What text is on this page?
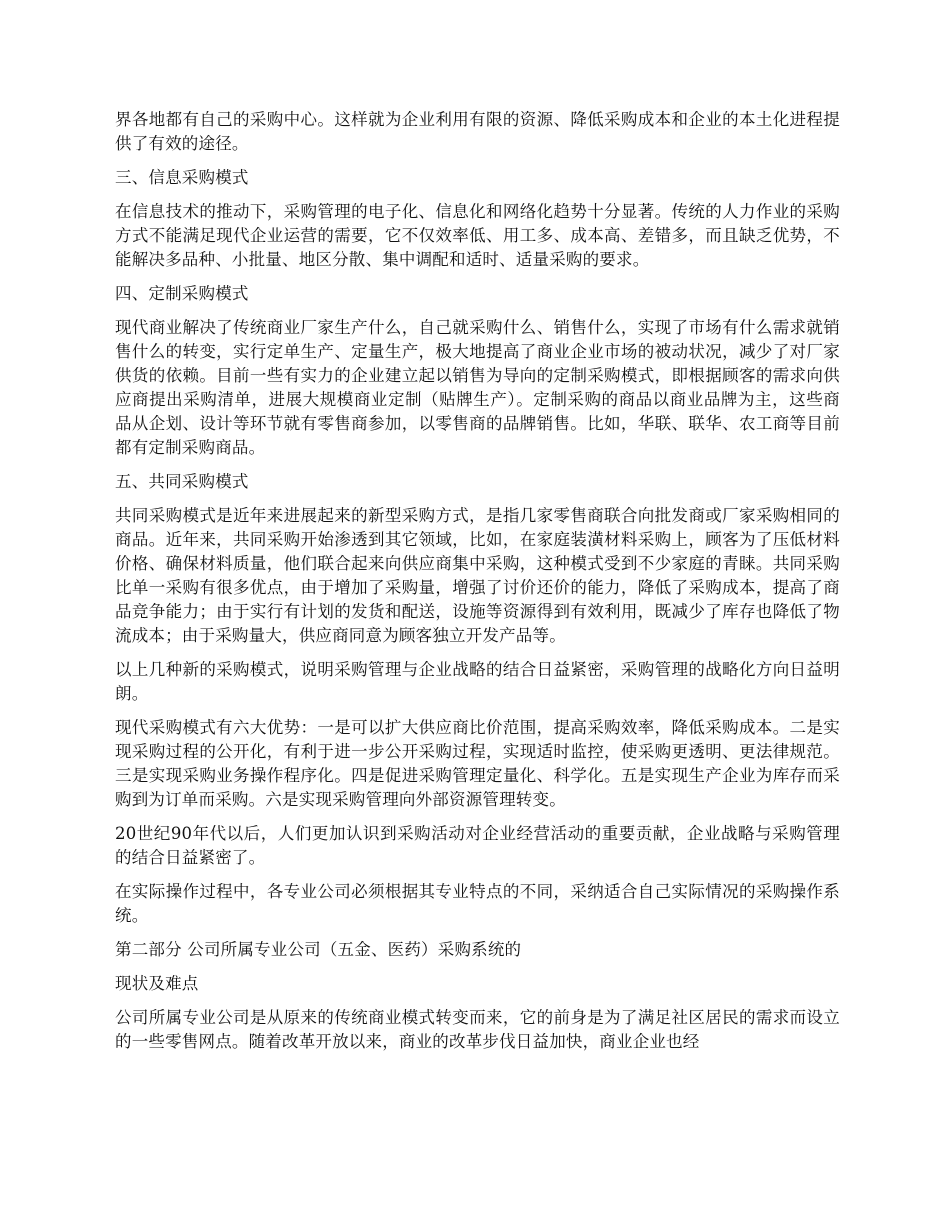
界各地都有自己的采购中心。这样就为企业利用有限的资源、降低采购成本和企业的本土化进程提供了有效的途径。

三、信息采购模式

在信息技术的推动下，采购管理的电子化、信息化和网络化趋势十分显著。传统的人力作业的采购方式不能满足现代企业运营的需要，它不仅效率低、用工多、成本高、差错多，而且缺乏优势，不能解决多品种、小批量、地区分散、集中调配和适时、适量采购的要求。

四、定制采购模式

现代商业解决了传统商业厂家生产什么，自己就采购什么、销售什么，实现了市场有什么需求就销售什么的转变，实行定单生产、定量生产，极大地提高了商业企业市场的被动状况，减少了对厂家供货的依赖。目前一些有实力的企业建立起以销售为导向的定制采购模式，即根据顾客的需求向供应商提出采购清单，进展大规模商业定制（贴牌生产）。定制采购的商品以商业品牌为主，这些商品从企划、设计等环节就有零售商参加，以零售商的品牌销售。比如，华联、联华、农工商等目前都有定制采购商品。

五、共同采购模式

共同采购模式是近年来进展起来的新型采购方式，是指几家零售商联合向批发商或厂家采购相同的商品。近年来，共同采购开始渗透到其它领域，比如，在家庭装潢材料采购上，顾客为了压低材料价格、确保材料质量，他们联合起来向供应商集中采购，这种模式受到不少家庭的青睐。共同采购比单一采购有很多优点，由于增加了采购量，增强了讨价还价的能力，降低了采购成本，提高了商品竞争能力；由于实行有计划的发货和配送，设施等资源得到有效利用，既减少了库存也降低了物流成本；由于采购量大，供应商同意为顾客独立开发产品等。

以上几种新的采购模式，说明采购管理与企业战略的结合日益紧密，采购管理的战略化方向日益明朗。

现代采购模式有六大优势：一是可以扩大供应商比价范围，提高采购效率，降低采购成本。二是实现采购过程的公开化，有利于进一步公开采购过程，实现适时监控，使采购更透明、更法律规范。三是实现采购业务操作程序化。四是促进采购管理定量化、科学化。五是实现生产企业为库存而采购到为订单而采购。六是实现采购管理向外部资源管理转变。

20世纪90年代以后，人们更加认识到采购活动对企业经营活动的重要贡献，企业战略与采购管理的结合日益紧密了。

在实际操作过程中，各专业公司必须根据其专业特点的不同，采纳适合自己实际情况的采购操作系统。

第二部分 公司所属专业公司（五金、医药）采购系统的

现状及难点

公司所属专业公司是从原来的传统商业模式转变而来，它的前身是为了满足社区居民的需求而设立的一些零售网点。随着改革开放以来，商业的改革步伐日益加快，商业企业也经
